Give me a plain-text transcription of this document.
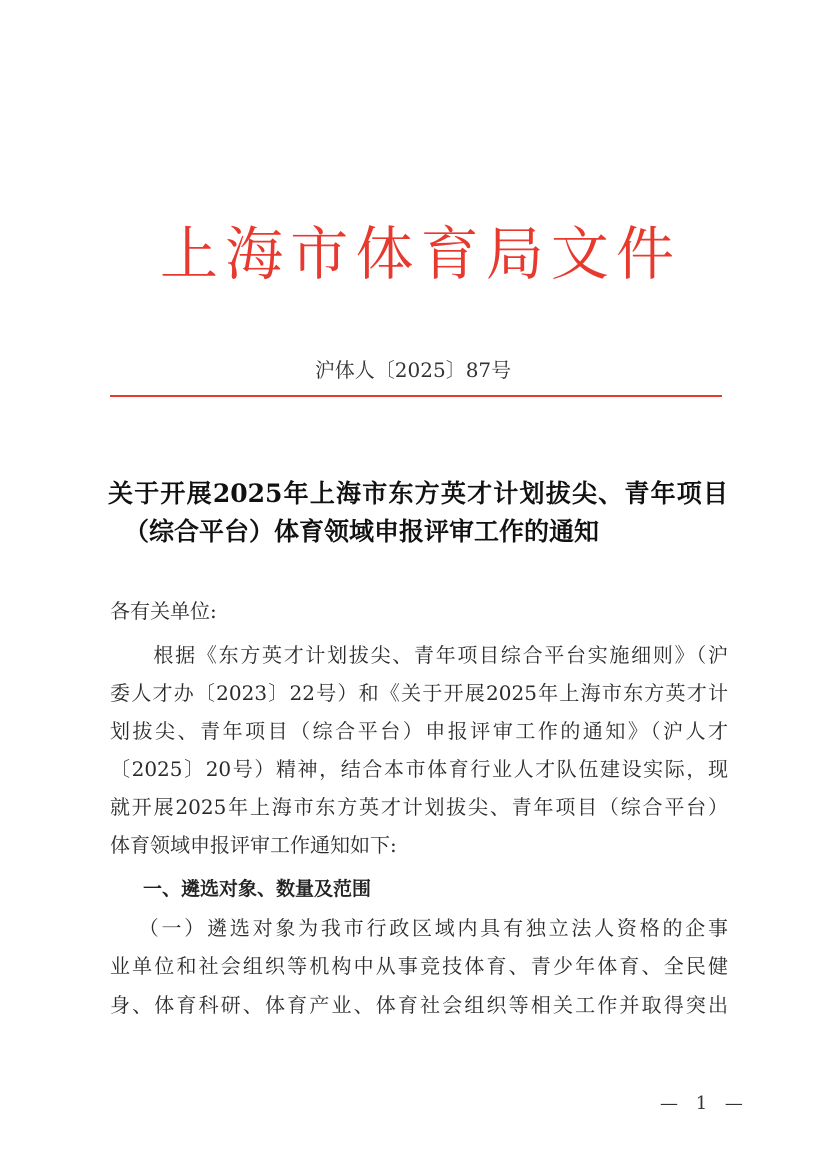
上海市体育局文件
沪体人〔2025〕87号
关于开展2025年上海市东方英才计划拔尖、青年项目
（综合平台）体育领域申报评审工作的通知
各有关单位:
　　根据《东方英才计划拔尖、青年项目综合平台实施细则》（沪
委人才办〔2023〕22号）和《关于开展2025年上海市东方英才计
划拔尖、青年项目（综合平台）申报评审工作的通知》（沪人才
〔2025〕20号）精神，结合本市体育行业人才队伍建设实际，现
就开展2025年上海市东方英才计划拔尖、青年项目（综合平台）
体育领域申报评审工作通知如下:
一、遴选对象、数量及范围
　（一）遴选对象为我市行政区域内具有独立法人资格的企事
业单位和社会组织等机构中从事竞技体育、青少年体育、全民健
身、体育科研、体育产业、体育社会组织等相关工作并取得突出
— 1 —
